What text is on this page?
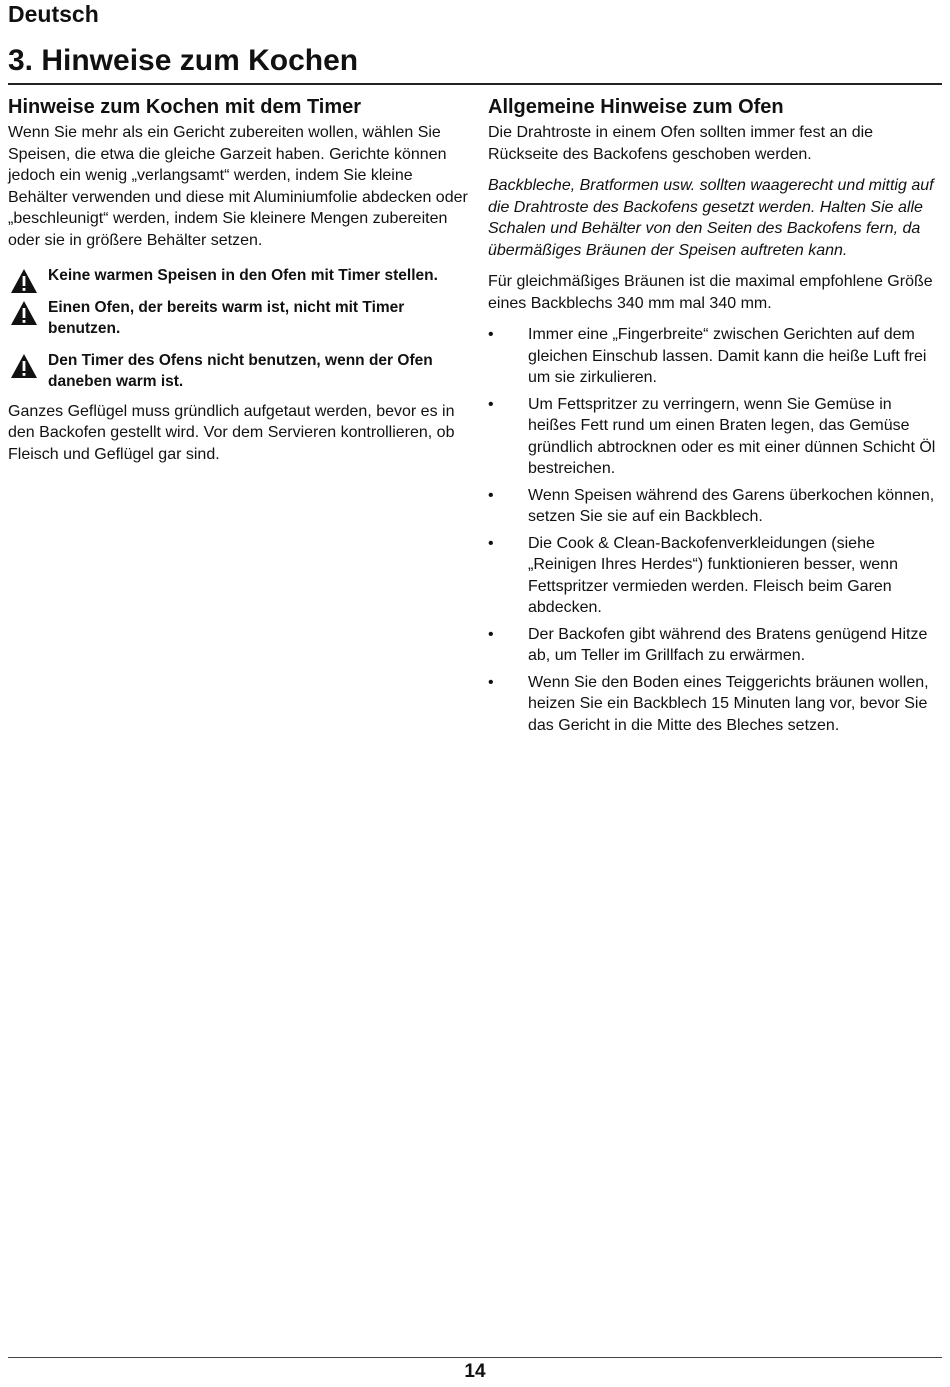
Deutsch
3. Hinweise zum Kochen
Hinweise zum Kochen mit dem Timer

Wenn Sie mehr als ein Gericht zubereiten wollen, wählen Sie Speisen, die etwa die gleiche Garzeit haben. Gerichte können jedoch ein wenig „verlangsamt“ werden, indem Sie kleine Behälter verwenden und diese mit Aluminiumfolie abdecken oder „beschleunigt“ werden, indem Sie kleinere Mengen zubereiten oder sie in größere Behälter setzen.

Keine warmen Speisen in den Ofen mit Timer stellen.
Einen Ofen, der bereits warm ist, nicht mit Timer benutzen.
Den Timer des Ofens nicht benutzen, wenn der Ofen daneben warm ist.

Ganzes Geflügel muss gründlich aufgetaut werden, bevor es in den Backofen gestellt wird. Vor dem Servieren kontrollieren, ob Fleisch und Geflügel gar sind.

Allgemeine Hinweise zum Ofen

Die Drahtroste in einem Ofen sollten immer fest an die Rückseite des Backofens geschoben werden.

Backbleche, Bratformen usw. sollten waagerecht und mittig auf die Drahtroste des Backofens gesetzt werden. Halten Sie alle Schalen und Behälter von den Seiten des Backofens fern, da übermäßiges Bräunen der Speisen auftreten kann.

Für gleichmäßiges Bräunen ist die maximal empfohlene Größe eines Backblechs 340 mm mal 340 mm.

• Immer eine „Fingerbreite“ zwischen Gerichten auf dem gleichen Einschub lassen. Damit kann die heiße Luft frei um sie zirkulieren.
• Um Fettspritzer zu verringern, wenn Sie Gemüse in heißes Fett rund um einen Braten legen, das Gemüse gründlich abtrocknen oder es mit einer dünnen Schicht Öl bestreichen.
• Wenn Speisen während des Garens überkochen können, setzen Sie sie auf ein Backblech.
• Die Cook & Clean-Backofenverkleidungen (siehe „Reinigen Ihres Herdes“) funktionieren besser, wenn Fettspritzer vermieden werden. Fleisch beim Garen abdecken.
• Der Backofen gibt während des Bratens genügend Hitze ab, um Teller im Grillfach zu erwärmen.
• Wenn Sie den Boden eines Teiggerichts bräunen wollen, heizen Sie ein Backblech 15 Minuten lang vor, bevor Sie das Gericht in die Mitte des Bleches setzen.
14
